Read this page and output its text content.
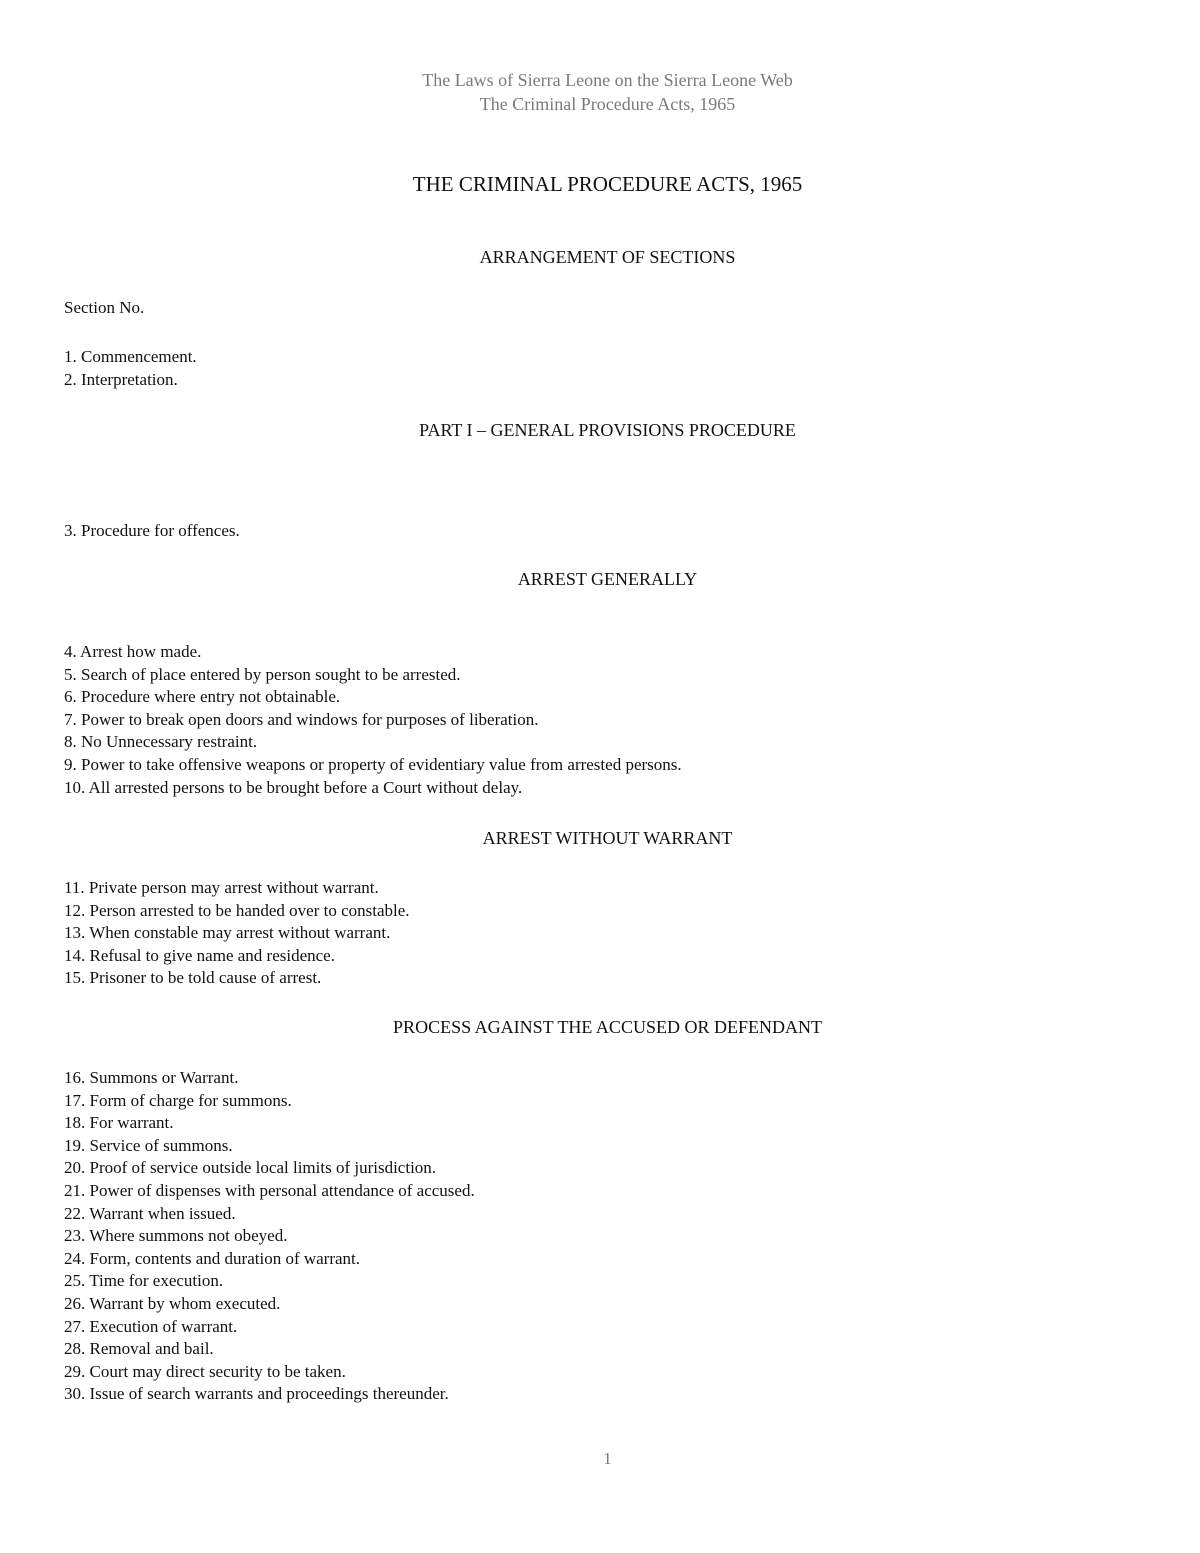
The Laws of Sierra Leone on the Sierra Leone Web
The Criminal Procedure Acts, 1965
THE CRIMINAL PROCEDURE ACTS, 1965
ARRANGEMENT OF SECTIONS
Section No.
1. Commencement.
2. Interpretation.
PART I – GENERAL PROVISIONS PROCEDURE
3. Procedure for offences.
ARREST GENERALLY
4. Arrest how made.
5. Search of place entered by person sought to be arrested.
6. Procedure where entry not obtainable.
7. Power to break open doors and windows for purposes of liberation.
8. No Unnecessary restraint.
9. Power to take offensive weapons or property of evidentiary value from arrested persons.
10. All arrested persons to be brought before a Court without delay.
ARREST WITHOUT WARRANT
11. Private person may arrest without warrant.
12. Person arrested to be handed over to constable.
13. When constable may arrest without warrant.
14. Refusal to give name and residence.
15. Prisoner to be told cause of arrest.
PROCESS AGAINST THE ACCUSED OR DEFENDANT
16. Summons or Warrant.
17. Form of charge for summons.
18. For warrant.
19. Service of summons.
20. Proof of service outside local limits of jurisdiction.
21. Power of dispenses with personal attendance of accused.
22. Warrant when issued.
23. Where summons not obeyed.
24. Form, contents and duration of warrant.
25. Time for execution.
26. Warrant by whom executed.
27. Execution of warrant.
28. Removal and bail.
29. Court may direct security to be taken.
30. Issue of search warrants and proceedings thereunder.
1
